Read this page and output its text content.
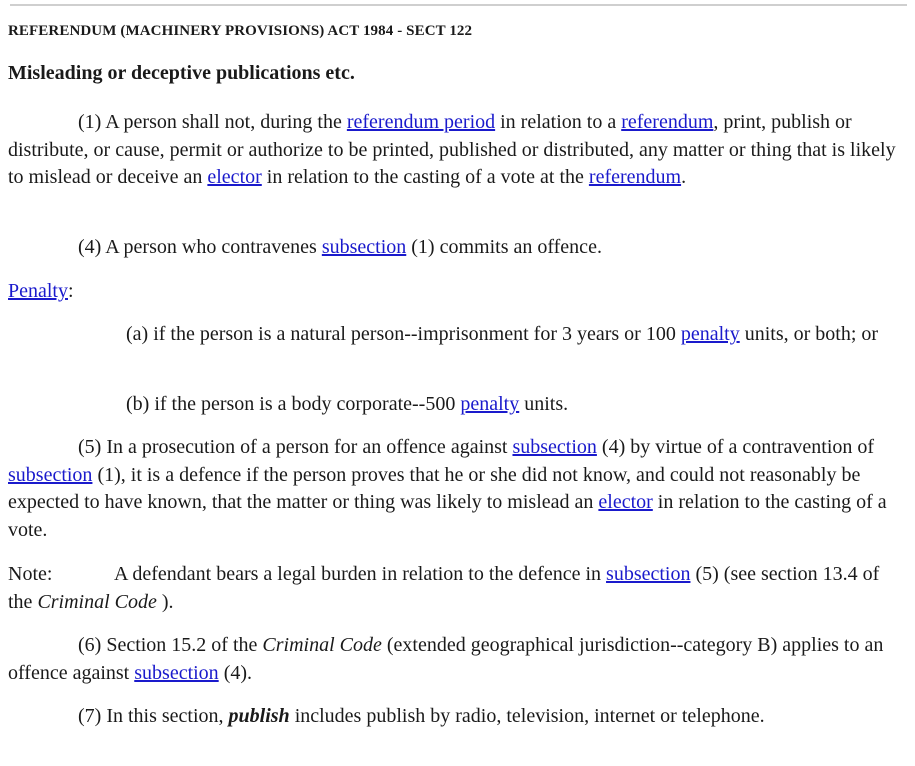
REFERENDUM (MACHINERY PROVISIONS) ACT 1984 - SECT 122
Misleading or deceptive publications etc.

(1) A person shall not, during the referendum period in relation to a referendum, print, publish or distribute, or cause, permit or authorize to be printed, published or distributed, any matter or thing that is likely to mislead or deceive an elector in relation to the casting of a vote at the referendum.

(4) A person who contravenes subsection (1) commits an offence.

Penalty:

(a) if the person is a natural person--imprisonment for 3 years or 100 penalty units, or both; or

(b) if the person is a body corporate--500 penalty units.

(5) In a prosecution of a person for an offence against subsection (4) by virtue of a contravention of subsection (1), it is a defence if the person proves that he or she did not know, and could not reasonably be expected to have known, that the matter or thing was likely to mislead an elector in relation to the casting of a vote.

Note:	A defendant bears a legal burden in relation to the defence in subsection (5) (see section 13.4 of the Criminal Code ).

(6) Section 15.2 of the Criminal Code (extended geographical jurisdiction--category B) applies to an offence against subsection (4).

(7) In this section, publish includes publish by radio, television, internet or telephone.
